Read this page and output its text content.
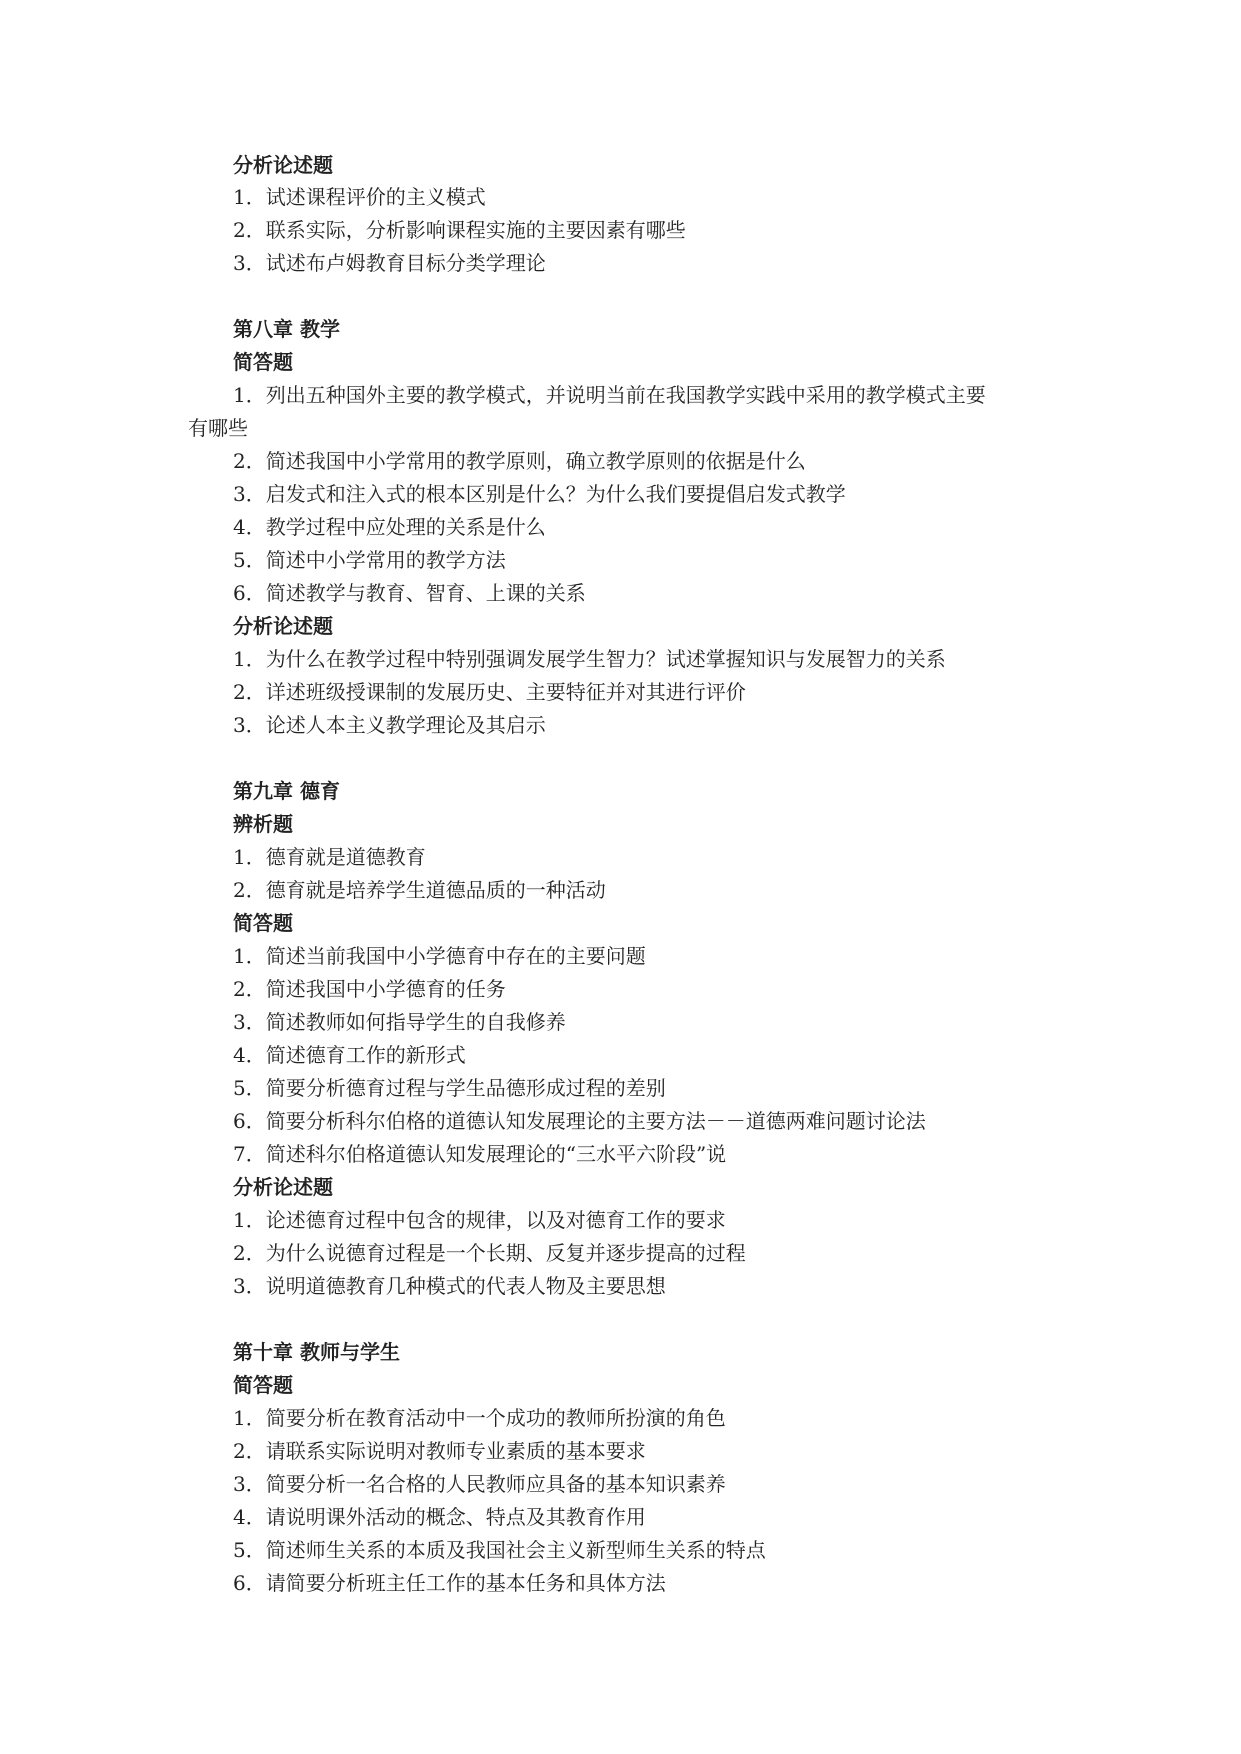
分析论述题
1．试述课程评价的主义模式
2．联系实际，分析影响课程实施的主要因素有哪些
3．试述布卢姆教育目标分类学理论
第八章 教学
简答题
1．列出五种国外主要的教学模式，并说明当前在我国教学实践中采用的教学模式主要
有哪些
2．简述我国中小学常用的教学原则，确立教学原则的依据是什么
3．启发式和注入式的根本区别是什么？为什么我们要提倡启发式教学
4．教学过程中应处理的关系是什么
5．简述中小学常用的教学方法
6．简述教学与教育、智育、上课的关系
分析论述题
1．为什么在教学过程中特别强调发展学生智力？试述掌握知识与发展智力的关系
2．详述班级授课制的发展历史、主要特征并对其进行评价
3．论述人本主义教学理论及其启示
第九章 德育
辨析题
1．德育就是道德教育
2．德育就是培养学生道德品质的一种活动
简答题
1．简述当前我国中小学德育中存在的主要问题
2．简述我国中小学德育的任务
3．简述教师如何指导学生的自我修养
4．简述德育工作的新形式
5．简要分析德育过程与学生品德形成过程的差别
6．简要分析科尔伯格的道德认知发展理论的主要方法－－道德两难问题讨论法
7．简述科尔伯格道德认知发展理论的“三水平六阶段”说
分析论述题
1．论述德育过程中包含的规律，以及对德育工作的要求
2．为什么说德育过程是一个长期、反复并逐步提高的过程
3．说明道德教育几种模式的代表人物及主要思想
第十章 教师与学生
简答题
1．简要分析在教育活动中一个成功的教师所扮演的角色
2．请联系实际说明对教师专业素质的基本要求
3．简要分析一名合格的人民教师应具备的基本知识素养
4．请说明课外活动的概念、特点及其教育作用
5．简述师生关系的本质及我国社会主义新型师生关系的特点
6．请简要分析班主任工作的基本任务和具体方法
